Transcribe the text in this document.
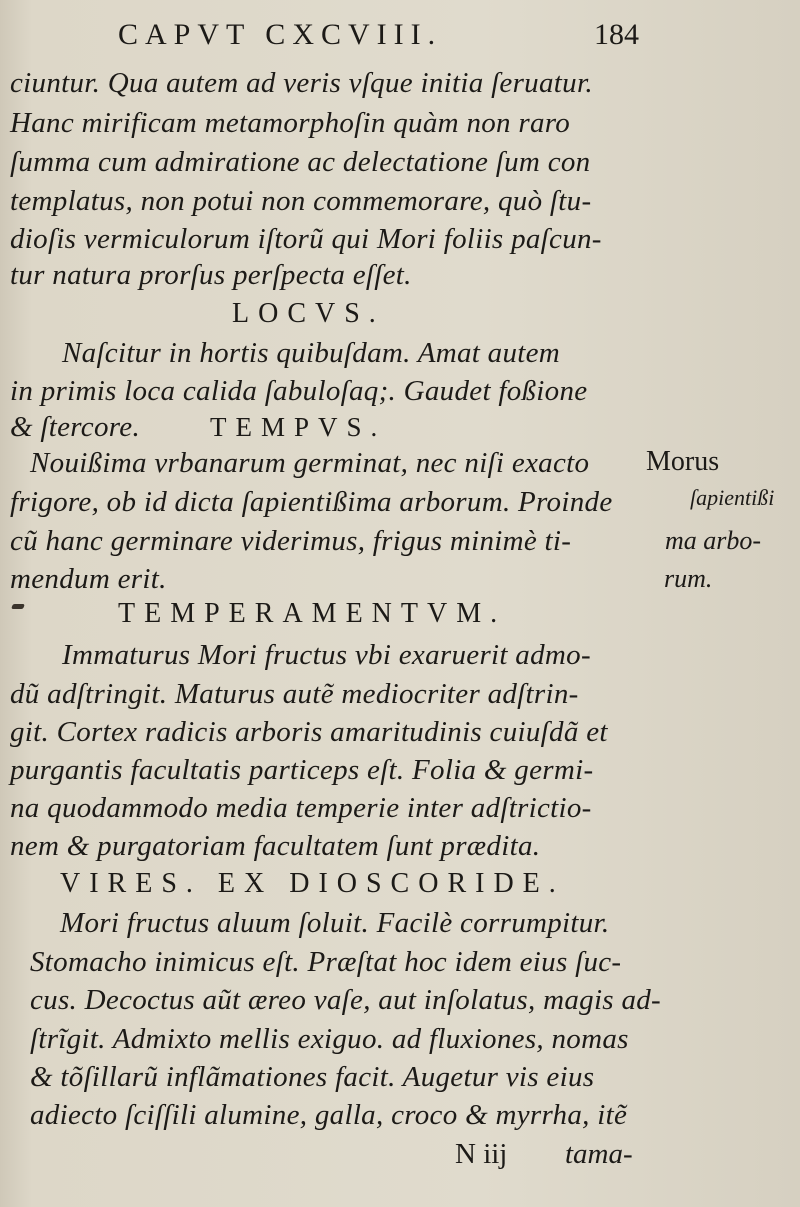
CAPVT CXCVIII.	184
ciuntur. Qua autem ad veris vſque initia ſeruatur.
Hanc mirificam metamorphoſin quàm non raro
ſumma cum admiratione ac delectatione ſum con
templatus, non potui non commemorare, quò ſtu-
dioſis vermiculorum iſtorũ qui Mori foliis paſcun-
tur natura prorſus perſpecta eſſet.
LOCVS.
Naſcitur in hortis quibuſdam. Amat autem
in primis loca calida ſabuloſaq;. Gaudet foßione
& ſtercore.	TEMPVS.
Nouißima vrbanarum germinat, nec niſi exacto
frigore, ob id dicta ſapientißima arborum. Proinde
cũ hanc germinare viderimus, frigus minimè ti-
mendum erit.
Morus
ſapientißi
ma arbo-
rum.
TEMPERAMENTVM.
Immaturus Mori fructus vbi exaruerit admo-
dũ adſtringit. Maturus autẽ mediocriter adſtrin-
git. Cortex radicis arboris amaritudinis cuiuſdã et
purgantis facultatis particeps eſt. Folia & germi-
na quodammodo media temperie inter adſtrictio-
nem & purgatoriam facultatem ſunt prædita.
VIRES. EX DIOSCORIDE.
Mori fructus aluum ſoluit. Facilè corrumpitur.
Stomacho inimicus eſt. Præſtat hoc idem eius ſuc-
cus. Decoctus aũt æreo vaſe, aut inſolatus, magis ad-
ſtrĩgit. Admixto mellis exiguo. ad fluxiones, nomas
& tõſillarũ inflãmationes facit. Augetur vis eius
adiecto ſciſſili alumine, galla, croco & myrrha, itẽ
N iij tama-
